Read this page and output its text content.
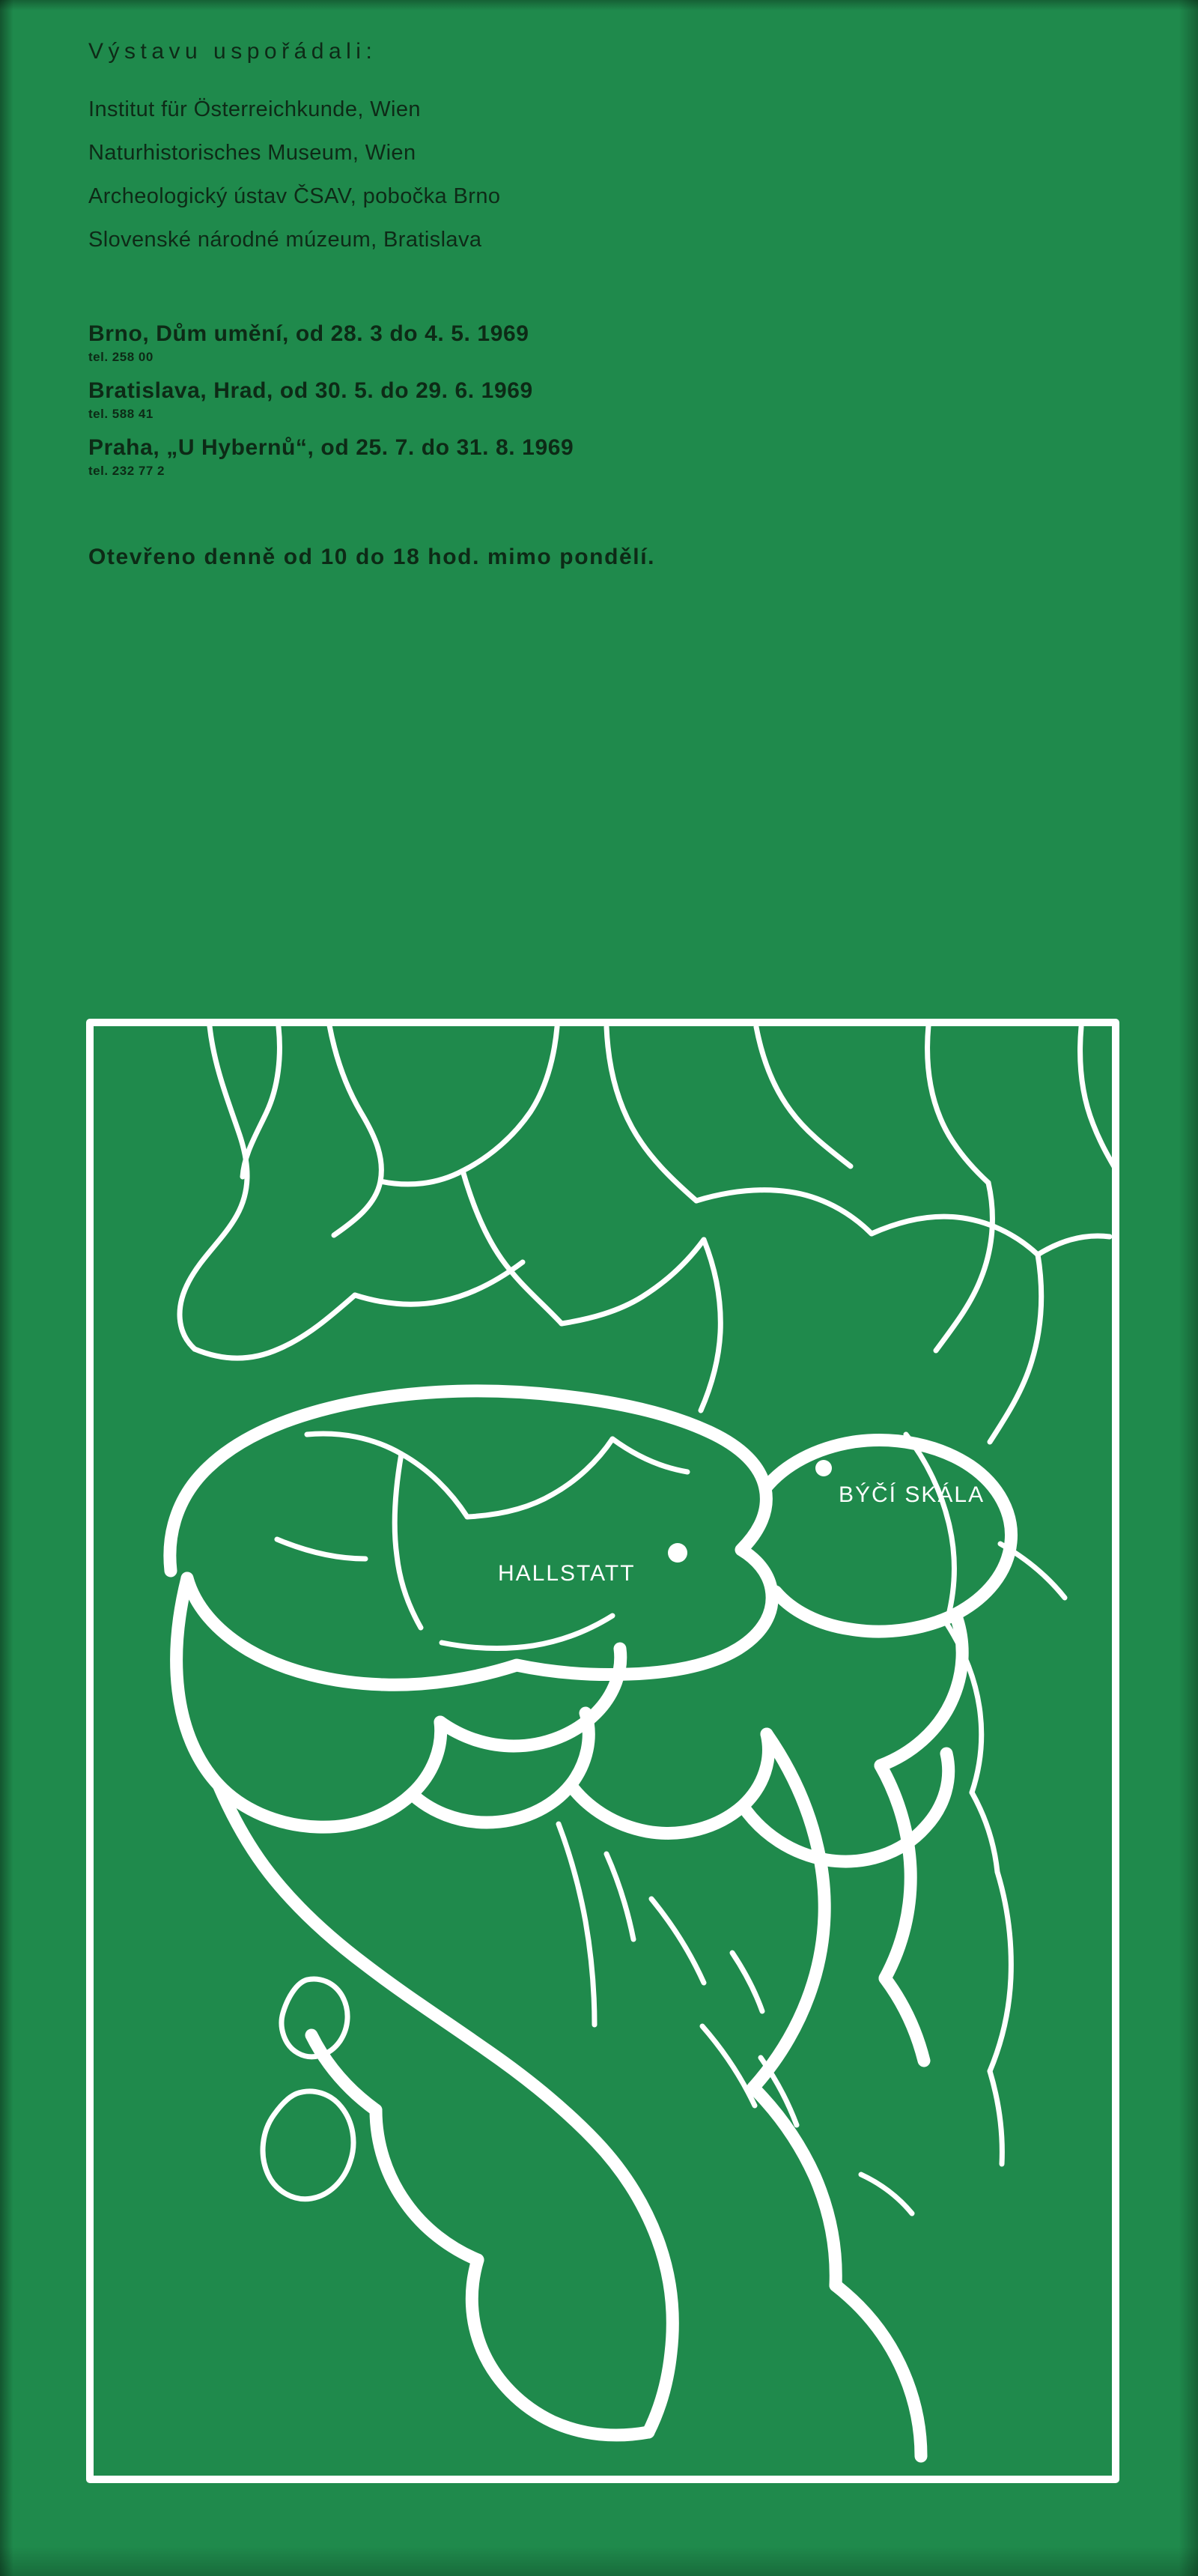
Výstavu uspořádali:
Institut für Österreichkunde, Wien
Naturhistorisches Museum, Wien
Archeologický ústav ČSAV, pobočka Brno
Slovenské národné múzeum, Bratislava
Brno, Dům umění, od 28. 3 do 4. 5. 1969
tel. 258 00
Bratislava, Hrad, od 30. 5. do 29. 6. 1969
tel. 588 41
Praha, „U Hybernů“, od 25. 7. do 31. 8. 1969
tel. 232 77 2
Otevřeno denně od 10 do 18 hod. mimo pondělí.
BÝČÍ SKÁLA
HALLSTATT
